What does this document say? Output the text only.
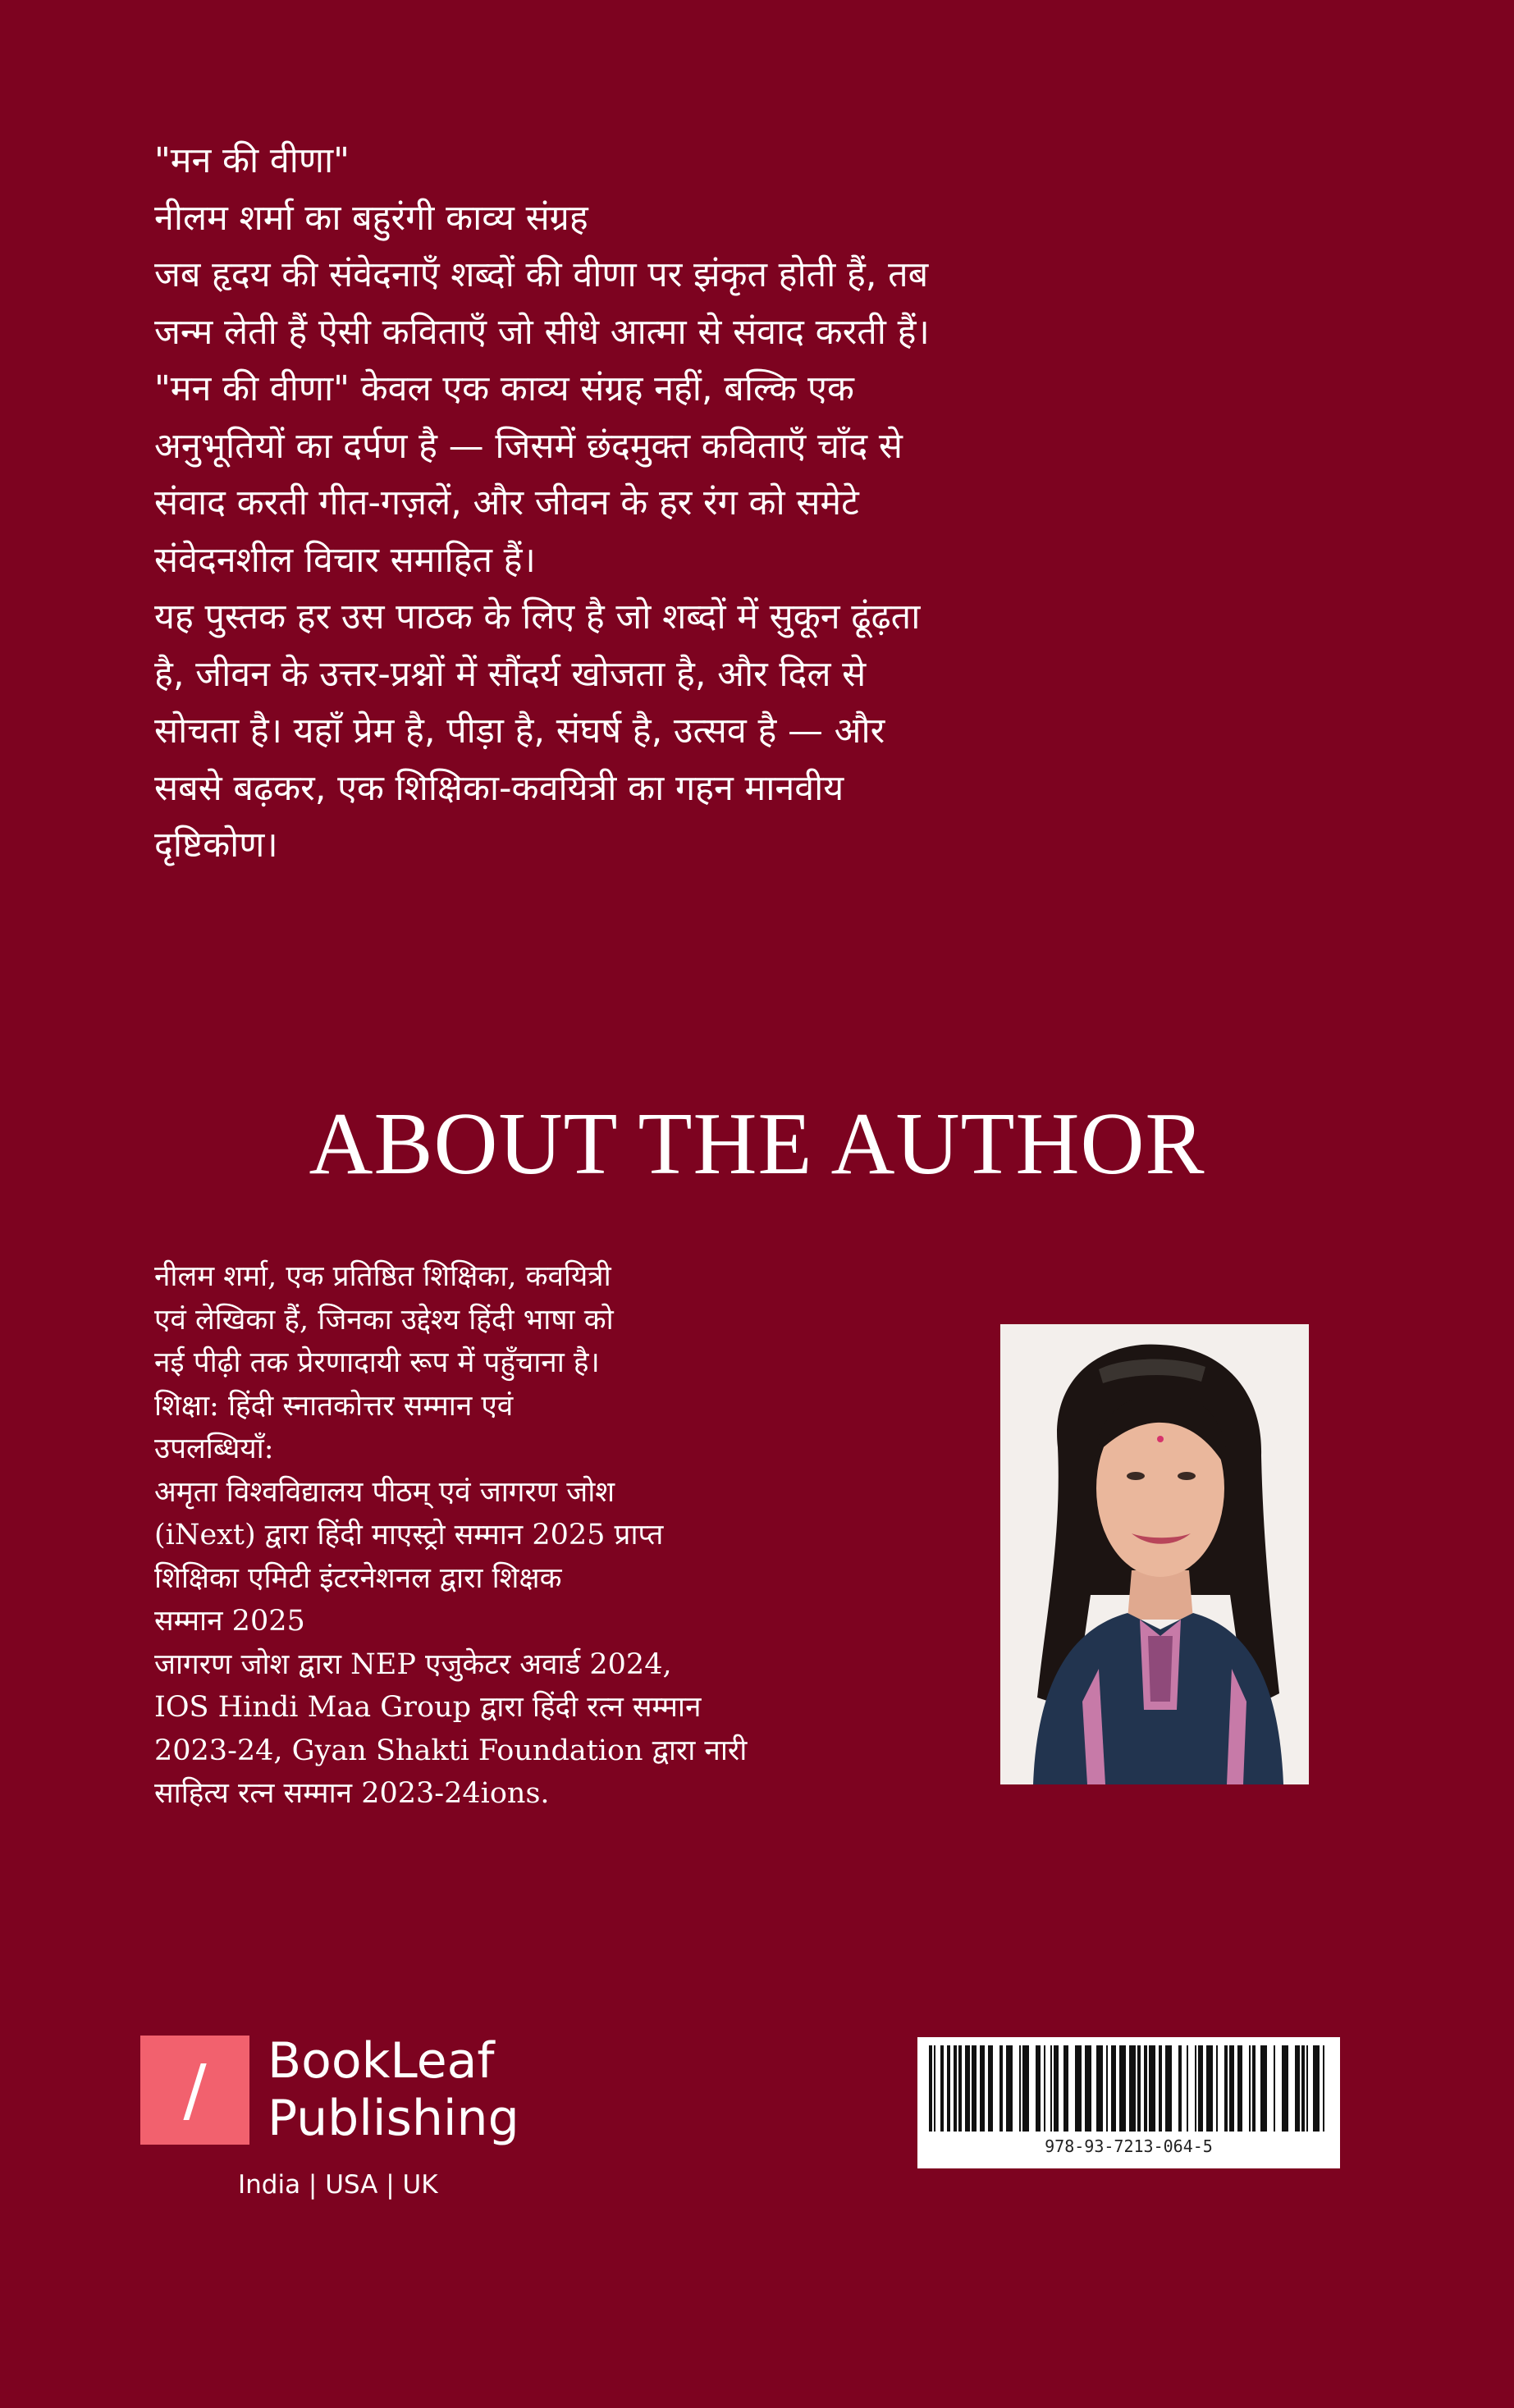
"मन की वीणा"
नीलम शर्मा का बहुरंगी काव्य संग्रह
जब हृदय की संवेदनाएँ शब्दों की वीणा पर झंकृत होती हैं, तब
जन्म लेती हैं ऐसी कविताएँ जो सीधे आत्मा से संवाद करती हैं।
"मन की वीणा" केवल एक काव्य संग्रह नहीं, बल्कि एक
अनुभूतियों का दर्पण है — जिसमें छंदमुक्त कविताएँ चाँद से
संवाद करती गीत-गज़लें, और जीवन के हर रंग को समेटे
संवेदनशील विचार समाहित हैं।
यह पुस्तक हर उस पाठक के लिए है जो शब्दों में सुकून ढूंढ़ता
है, जीवन के उत्तर-प्रश्नों में सौंदर्य खोजता है, और दिल से
सोचता है। यहाँ प्रेम है, पीड़ा है, संघर्ष है, उत्सव है — और
सबसे बढ़कर, एक शिक्षिका-कवयित्री का गहन मानवीय
दृष्टिकोण।
ABOUT THE AUTHOR
नीलम शर्मा, एक प्रतिष्ठित शिक्षिका, कवयित्री
एवं लेखिका हैं, जिनका उद्देश्य हिंदी भाषा को
नई पीढ़ी तक प्रेरणादायी रूप में पहुँचाना है।
शिक्षा: हिंदी स्नातकोत्तर सम्मान एवं
उपलब्धियाँ:
अमृता विश्वविद्यालय पीठम् एवं जागरण जोश
(iNext) द्वारा हिंदी माएस्ट्रो सम्मान 2025 प्राप्त
शिक्षिका एमिटी इंटरनेशनल द्वारा शिक्षक
सम्मान 2025
जागरण जोश द्वारा NEP एजुकेटर अवार्ड 2024,
IOS Hindi Maa Group द्वारा हिंदी रत्न सम्मान
2023-24, Gyan Shakti Foundation द्वारा नारी
साहित्य रत्न सम्मान 2023-24ions.
/	BookLeaf
Publishing
India | USA | UK
978-93-7213-064-5
